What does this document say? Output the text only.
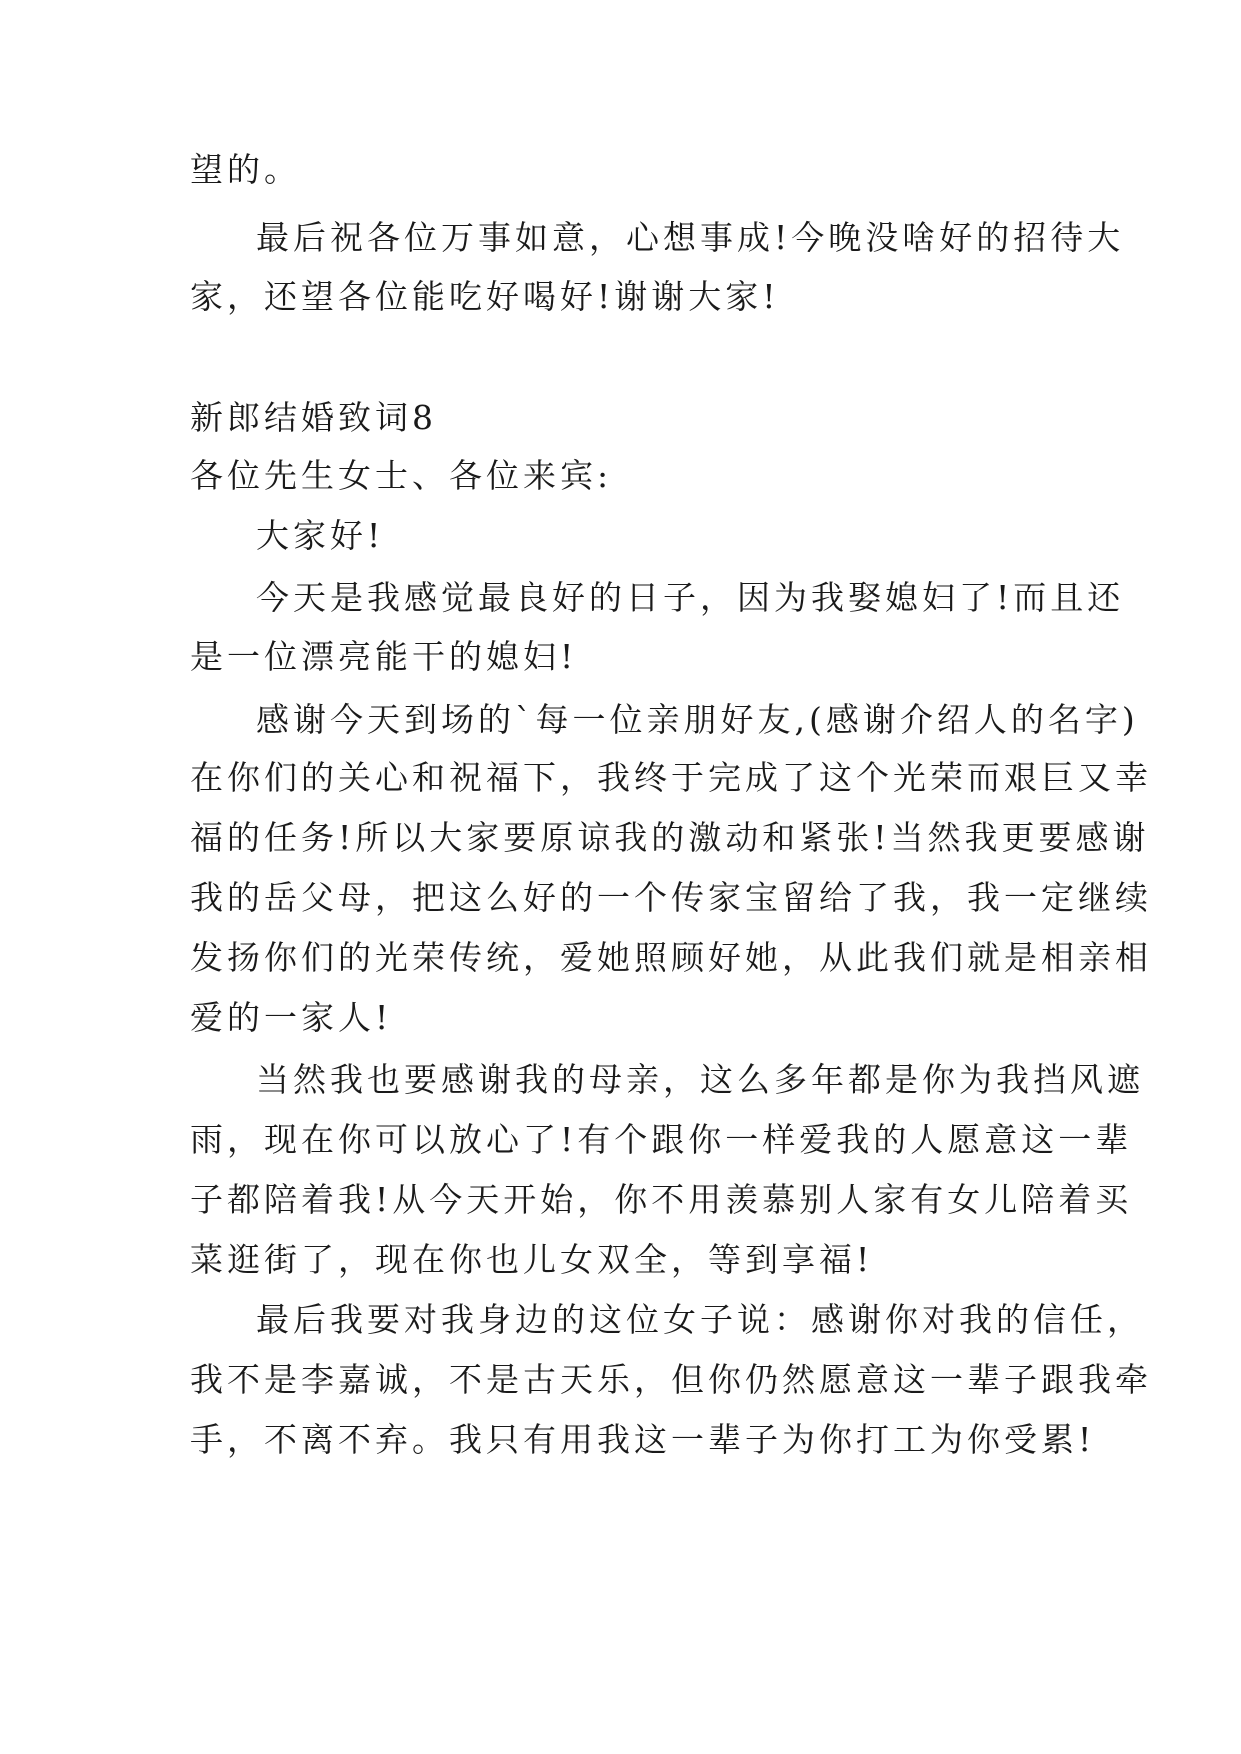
望的。
最后祝各位万事如意，心想事成!今晚没啥好的招待大
家，还望各位能吃好喝好!谢谢大家!
新郎结婚致词8
各位先生女士、各位来宾:
大家好!
今天是我感觉最良好的日子，因为我娶媳妇了!而且还
是一位漂亮能干的媳妇!
感谢今天到场的`每一位亲朋好友,(感谢介绍人的名字)
在你们的关心和祝福下，我终于完成了这个光荣而艰巨又幸
福的任务!所以大家要原谅我的激动和紧张!当然我更要感谢
我的岳父母，把这么好的一个传家宝留给了我，我一定继续
发扬你们的光荣传统，爱她照顾好她，从此我们就是相亲相
爱的一家人!
当然我也要感谢我的母亲，这么多年都是你为我挡风遮
雨，现在你可以放心了!有个跟你一样爱我的人愿意这一辈
子都陪着我!从今天开始，你不用羡慕别人家有女儿陪着买
菜逛街了，现在你也儿女双全，等到享福!
最后我要对我身边的这位女子说：感谢你对我的信任，
我不是李嘉诚，不是古天乐，但你仍然愿意这一辈子跟我牵
手，不离不弃。我只有用我这一辈子为你打工为你受累!
